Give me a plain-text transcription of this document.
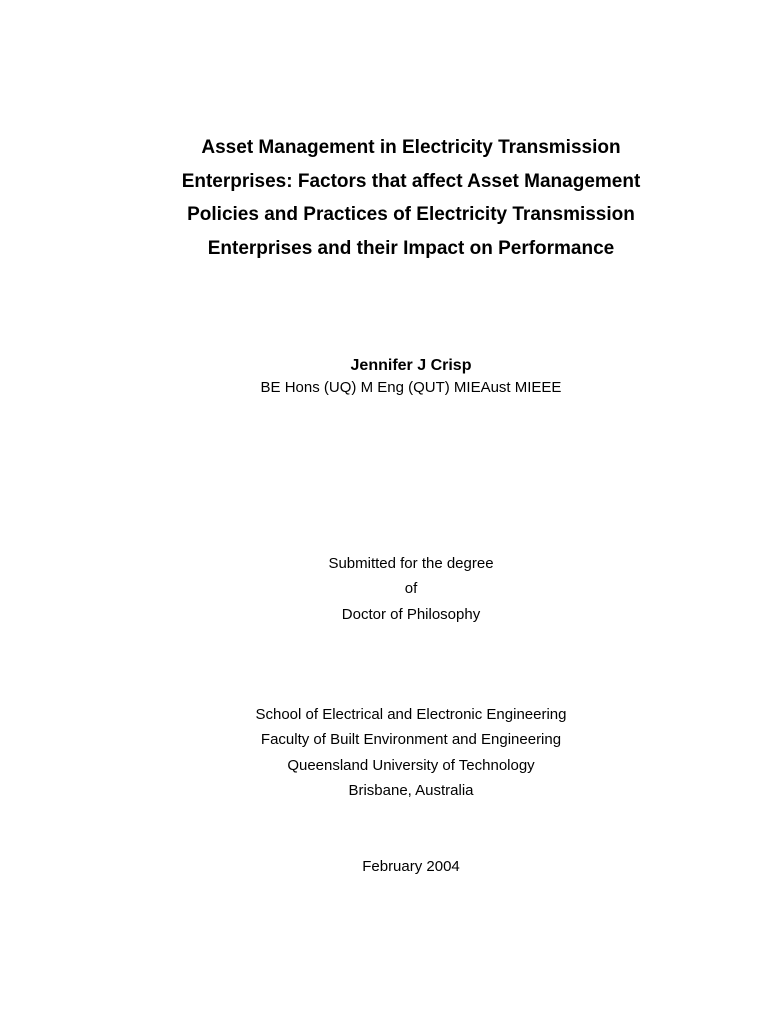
Asset Management in Electricity Transmission
Enterprises: Factors that affect Asset Management
Policies and Practices of Electricity Transmission
Enterprises and their Impact on Performance
Jennifer J Crisp
BE Hons (UQ) M Eng (QUT) MIEAust MIEEE
Submitted for the degree
of
Doctor of Philosophy
School of Electrical and Electronic Engineering
Faculty of Built Environment and Engineering
Queensland University of Technology
Brisbane, Australia
February 2004
